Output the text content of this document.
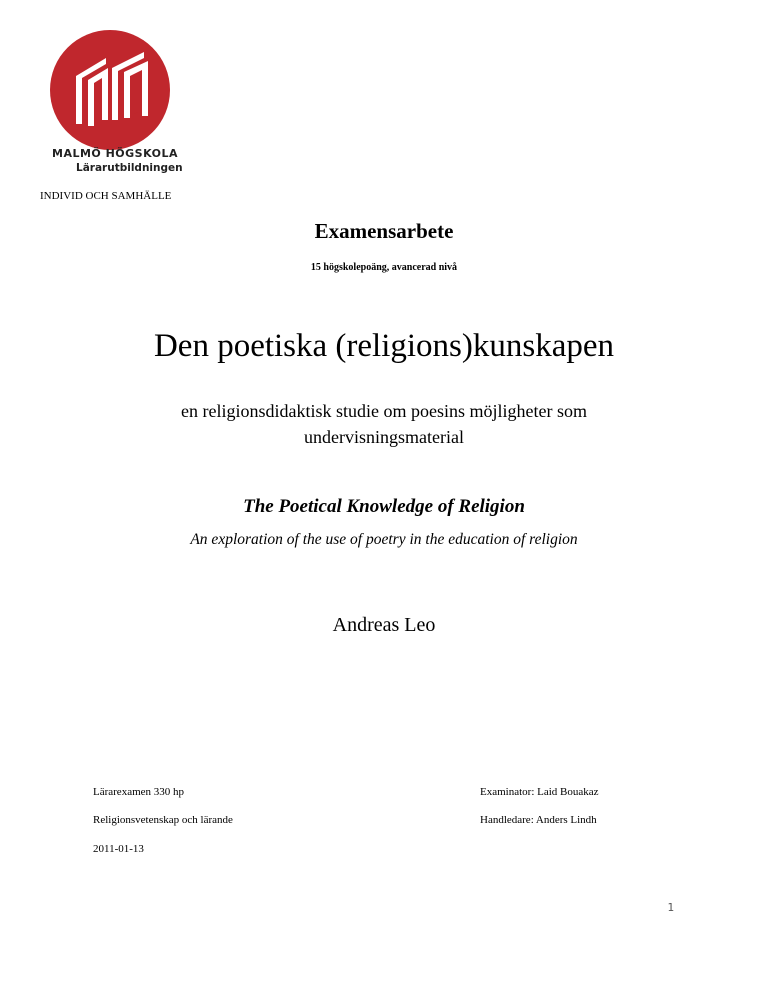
MALMÖ HÖGSKOLA
Lärarutbildningen
INDIVID OCH SAMHÄLLE
Examensarbete
15 högskolepoäng, avancerad nivå
Den poetiska (religions)kunskapen
en religionsdidaktisk studie om poesins möjligheter som
undervisningsmaterial
The Poetical Knowledge of Religion
An exploration of the use of poetry in the education of religion
Andreas Leo
Lärarexamen 330 hp
Religionsvetenskap och lärande
2011-01-13
Examinator: Laid Bouakaz
Handledare: Anders Lindh
1
